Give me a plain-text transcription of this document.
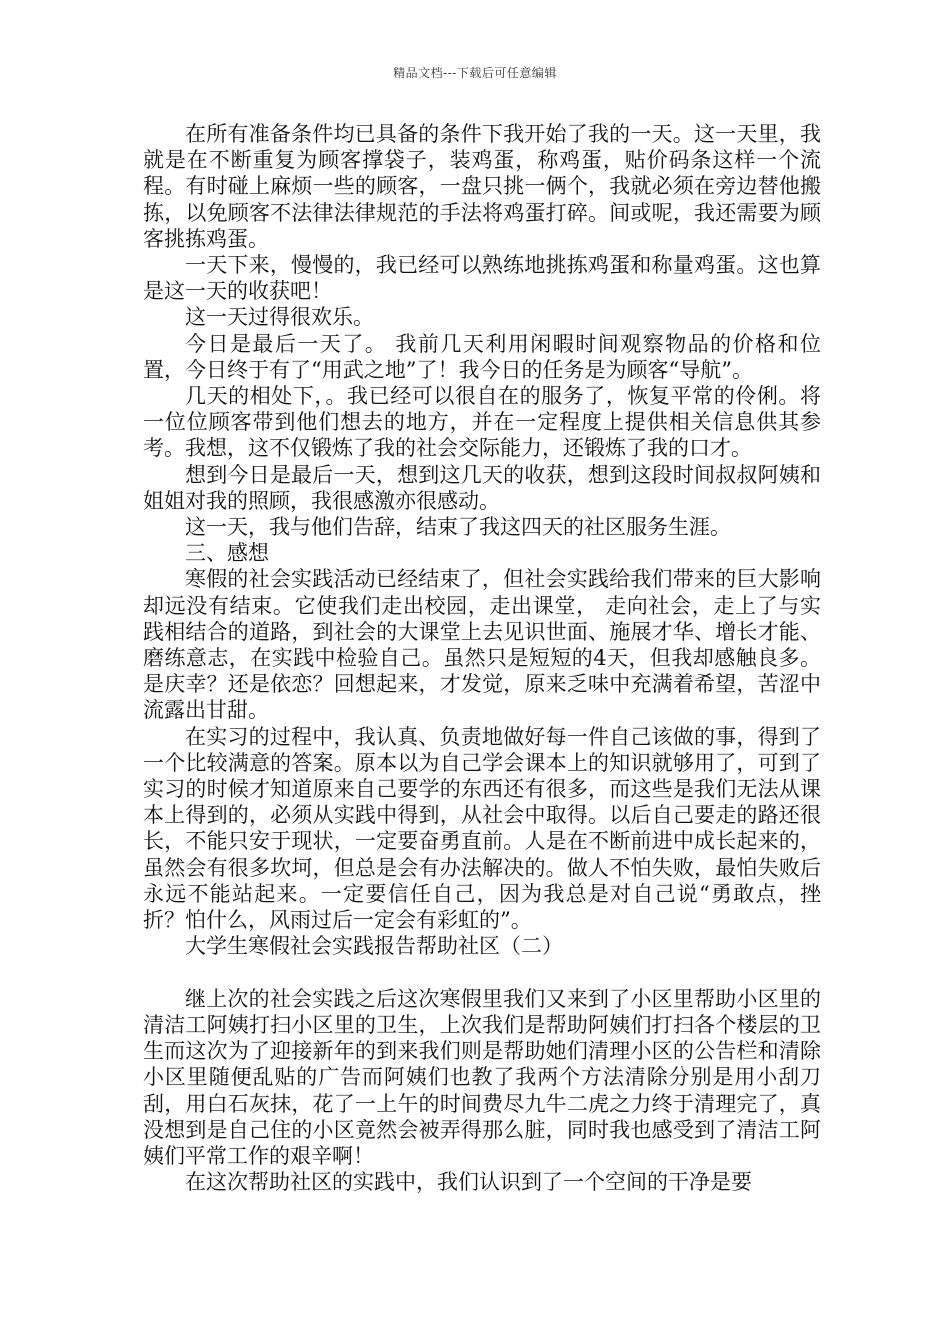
精品文档---下载后可任意编辑

在所有准备条件均已具备的条件下我开始了我的一天。这一天里，我就是在不断重复为顾客撑袋子，装鸡蛋，称鸡蛋，贴价码条这样一个流程。有时碰上麻烦一些的顾客，一盘只挑一俩个，我就必须在旁边替他搬拣，以免顾客不法律法律规范的手法将鸡蛋打碎。间或呢，我还需要为顾客挑拣鸡蛋。

一天下来，慢慢的，我已经可以熟练地挑拣鸡蛋和称量鸡蛋。这也算是这一天的收获吧！

这一天过得很欢乐。

今日是最后一天了。 我前几天利用闲暇时间观察物品的价格和位置，今日终于有了“用武之地”了！我今日的任务是为顾客“导航”。

几天的相处下，。我已经可以很自在的服务了，恢复平常的伶俐。将一位位顾客带到他们想去的地方，并在一定程度上提供相关信息供其参考。我想，这不仅锻炼了我的社会交际能力，还锻炼了我的口才。

想到今日是最后一天，想到这几天的收获，想到这段时间叔叔阿姨和姐姐对我的照顾，我很感激亦很感动。

这一天，我与他们告辞，结束了我这四天的社区服务生涯。

三、感想

寒假的社会实践活动已经结束了，但社会实践给我们带来的巨大影响却远没有结束。它使我们走出校园，走出课堂， 走向社会，走上了与实践相结合的道路，到社会的大课堂上去见识世面、施展才华、增长才能、磨练意志，在实践中检验自己。虽然只是短短的4天，但我却感触良多。是庆幸？还是依恋？回想起来，才发觉，原来乏味中充满着希望，苦涩中流露出甘甜。

在实习的过程中，我认真、负责地做好每一件自己该做的事，得到了一个比较满意的答案。原本以为自己学会课本上的知识就够用了，可到了实习的时候才知道原来自己要学的东西还有很多，而这些是我们无法从课本上得到的，必须从实践中得到，从社会中取得。以后自己要走的路还很长，不能只安于现状，一定要奋勇直前。人是在不断前进中成长起来的，虽然会有很多坎坷，但总是会有办法解决的。做人不怕失败，最怕失败后永远不能站起来。一定要信任自己，因为我总是对自己说“勇敢点，挫折？怕什么，风雨过后一定会有彩虹的”。

大学生寒假社会实践报告帮助社区（二）

继上次的社会实践之后这次寒假里我们又来到了小区里帮助小区里的清洁工阿姨打扫小区里的卫生，上次我们是帮助阿姨们打扫各个楼层的卫生而这次为了迎接新年的到来我们则是帮助她们清理小区的公告栏和清除小区里随便乱贴的广告而阿姨们也教了我两个方法清除分别是用小刮刀刮，用白石灰抹，花了一上午的时间费尽九牛二虎之力终于清理完了，真没想到是自己住的小区竟然会被弄得那么脏，同时我也感受到了清洁工阿姨们平常工作的艰辛啊！

在这次帮助社区的实践中，我们认识到了一个空间的干净是要
